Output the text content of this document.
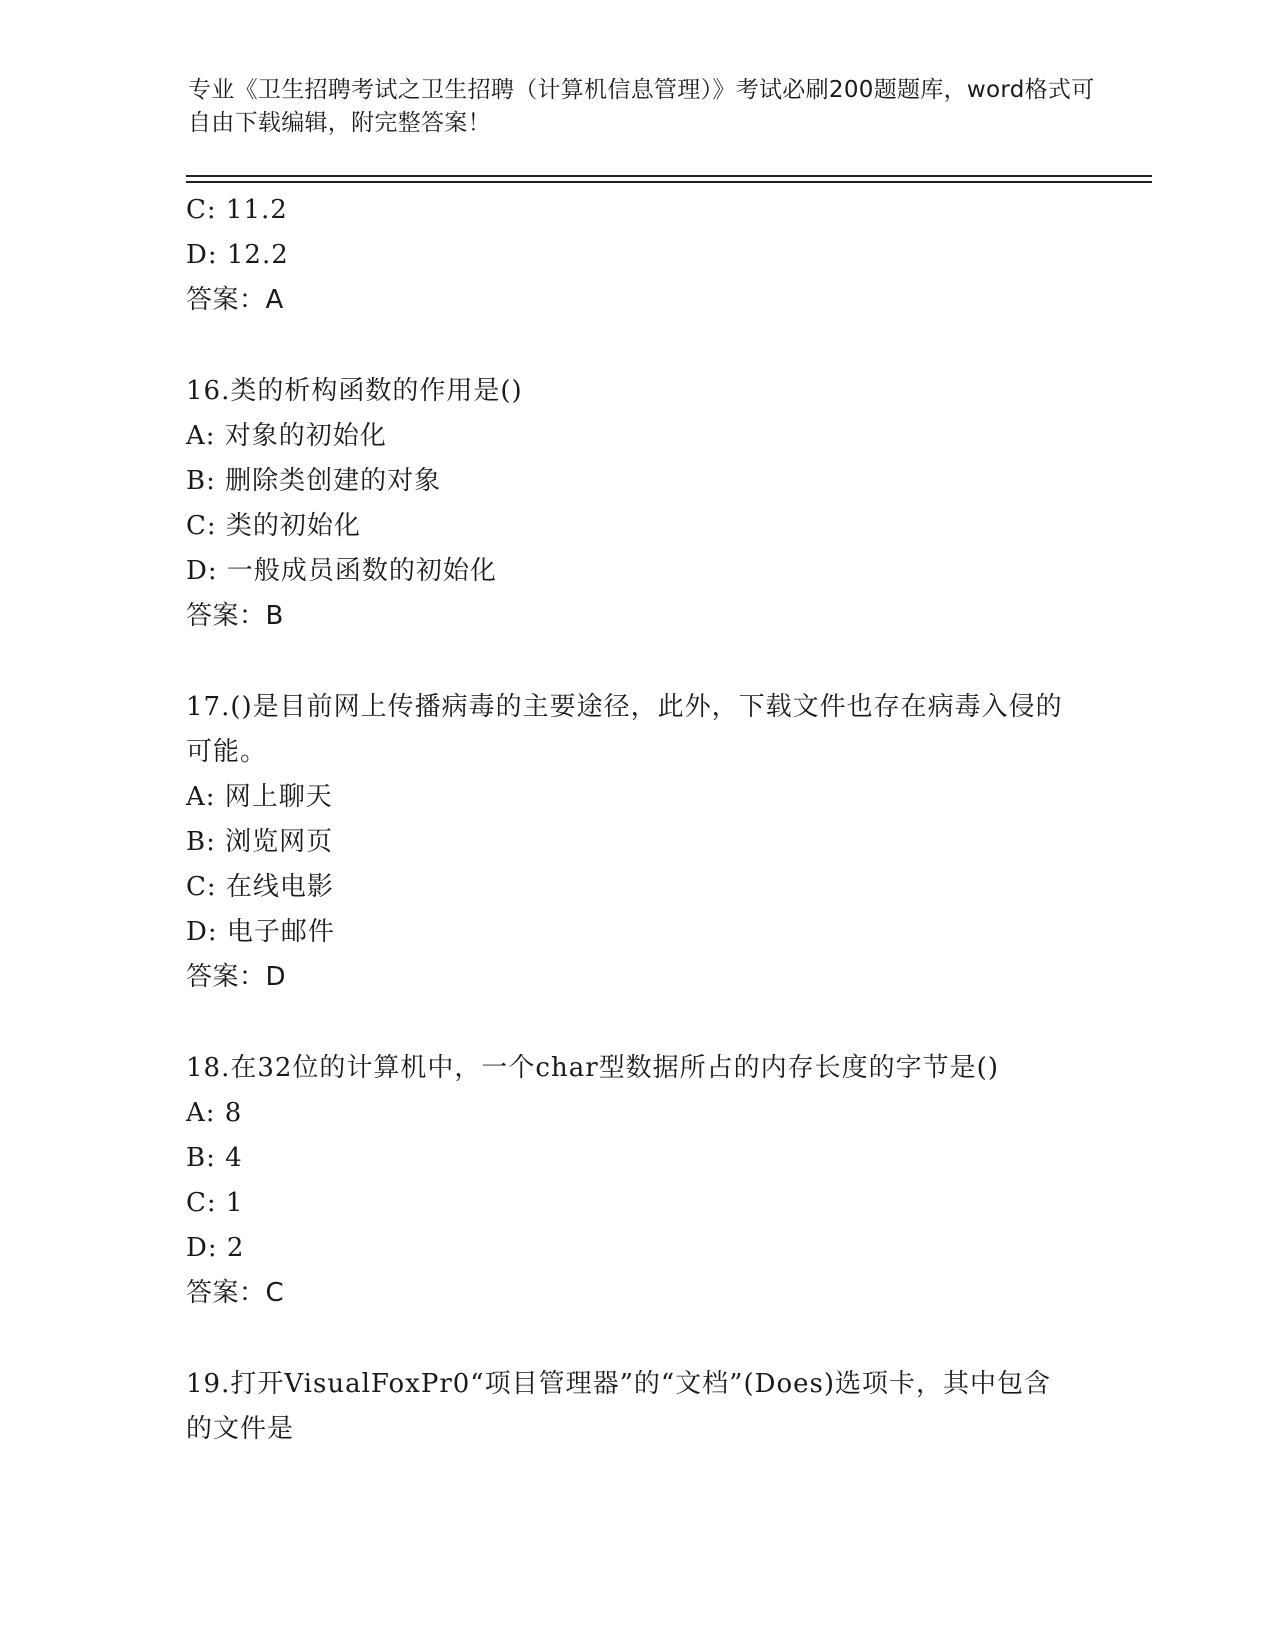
专业《卫生招聘考试之卫生招聘（计算机信息管理）》考试必刷200题题库，word格式可自由下载编辑，附完整答案！
C: 11.2
D: 12.2
答案：A
16.类的析构函数的作用是()
A: 对象的初始化
B: 删除类创建的对象
C: 类的初始化
D: 一般成员函数的初始化
答案：B
17.()是目前网上传播病毒的主要途径，此外，下载文件也存在病毒入侵的可能。
A: 网上聊天
B: 浏览网页
C: 在线电影
D: 电子邮件
答案：D
18.在32位的计算机中，一个char型数据所占的内存长度的字节是()
A: 8
B: 4
C: 1
D: 2
答案：C
19.打开VisualFoxPr0“项目管理器”的“文档”(Does)选项卡，其中包含的文件是
